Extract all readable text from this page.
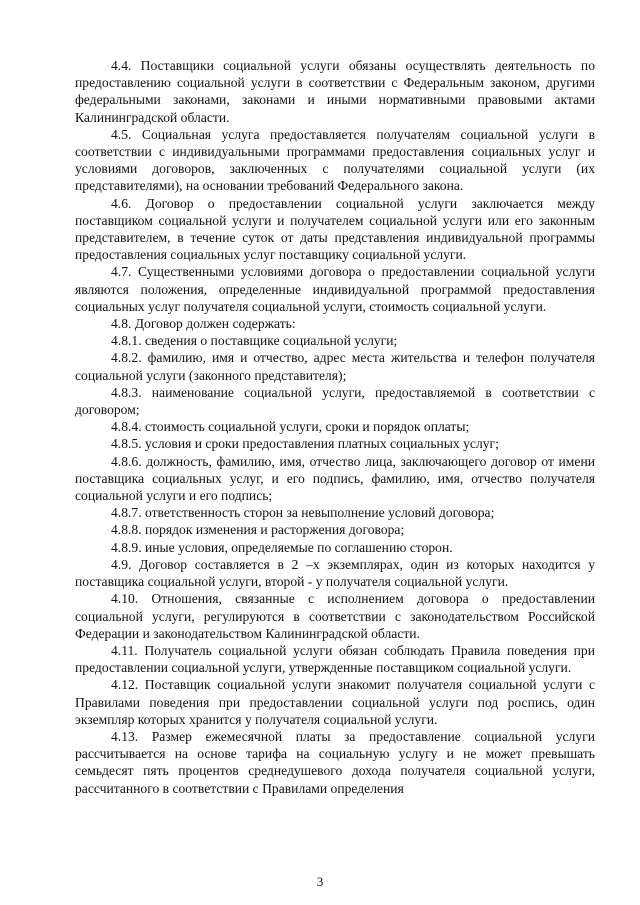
4.4. Поставщики социальной услуги обязаны осуществлять деятельность по предоставлению социальной услуги в соответствии с Федеральным законом, другими федеральными законами, законами и иными нормативными правовыми актами Калининградской области.

4.5. Социальная услуга предоставляется получателям социальной услуги в соответствии с индивидуальными программами предоставления социальных услуг и условиями договоров, заключенных с получателями социальной услуги (их представителями), на основании требований Федерального закона.

4.6. Договор о предоставлении социальной услуги заключается между поставщиком социальной услуги и получателем социальной услуги или его законным представителем, в течение суток от даты представления индивидуальной программы предоставления социальных услуг поставщику социальной услуги.

4.7. Существенными условиями договора о предоставлении социальной услуги являются положения, определенные индивидуальной программой предоставления социальных услуг получателя социальной услуги, стоимость социальной услуги.

4.8. Договор должен содержать:

4.8.1. сведения о поставщике социальной услуги;

4.8.2. фамилию, имя и отчество, адрес места жительства и телефон получателя социальной услуги (законного представителя);

4.8.3. наименование социальной услуги, предоставляемой в соответствии с договором;

4.8.4. стоимость социальной услуги, сроки и порядок оплаты;

4.8.5. условия и сроки предоставления платных социальных услуг;

4.8.6. должность, фамилию, имя, отчество лица, заключающего договор от имени поставщика социальных услуг, и его подпись, фамилию, имя, отчество получателя социальной услуги и его подпись;

4.8.7. ответственность сторон за невыполнение условий договора;

4.8.8. порядок изменения и расторжения договора;

4.8.9. иные условия, определяемые по соглашению сторон.

4.9. Договор составляется в 2 –х экземплярах, один из которых находится у поставщика социальной услуги, второй - у получателя социальной услуги.

4.10. Отношения, связанные с исполнением договора о предоставлении социальной услуги, регулируются в соответствии с законодательством Российской Федерации и законодательством Калининградской области.

4.11. Получатель социальной услуги обязан соблюдать Правила поведения при предоставлении социальной услуги, утвержденные поставщиком социальной услуги.

4.12. Поставщик социальной услуги знакомит получателя социальной услуги с Правилами поведения при предоставлении социальной услуги под роспись, один экземпляр которых хранится у получателя социальной услуги.

4.13. Размер ежемесячной платы за предоставление социальной услуги рассчитывается на основе тарифа на социальную услугу и не может превышать семьдесят пять процентов среднедушевого дохода получателя социальной услуги, рассчитанного в соответствии с Правилами определения

3
